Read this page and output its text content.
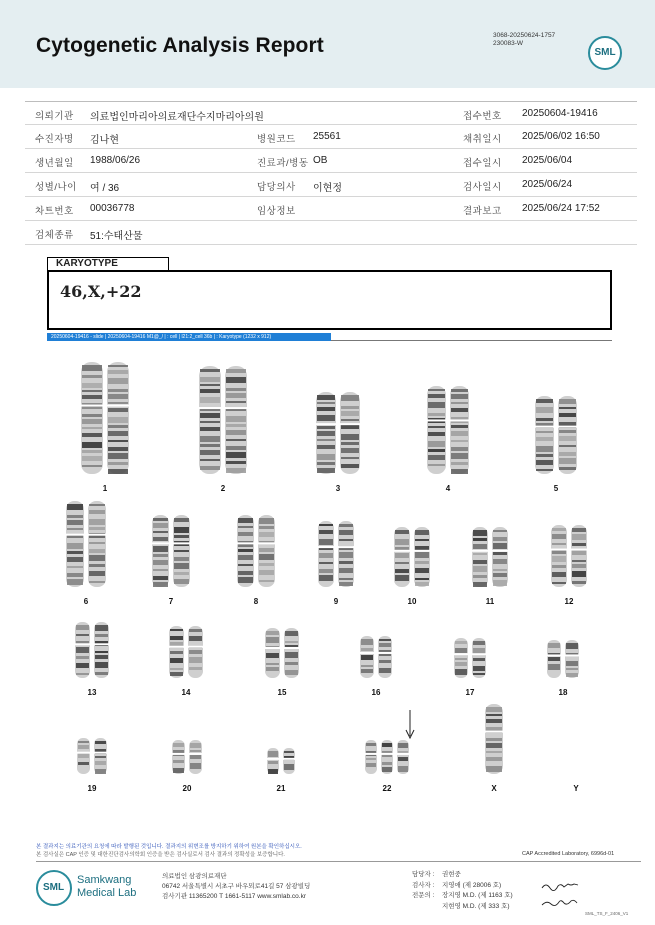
Cytogenetic Analysis Report	3068-20250624-1757
230083-W
SML
의뢰기관 의료법인마리아의료재단수지마리아의원	접수번호 20250604-19416
수진자명 김나현	병원코드 25561	채취일시 2025/06/02 16:50
생년월일 1988/06/26	진료과/병동 OB	접수일시 2025/06/04
성별/나이 여 / 36	담당의사 이현정	검사일시 2025/06/24
차트번호 00036778	임상정보	결과보고 2025/06/24 17:52
검체종류 51:수태산물
KARYOTYPE
46,X,+22
20250604-19416 - slide | 20250604-19416 M1@_/ | : cell | l21:2_cell 36b | : Karyotype (1232 x 912)
1	2	3	4	5
6	7	8	9	10	11	12
13	14	15	16	17	18
19	20	21	22	X	Y
본 결과지는 의료기관의 요청에 따라 발행된 것입니다. 결과지의 위변조를 방지하기 위하여 원본을 확인하십시오.
본 검사실은 CAP 인증 및 대한진단검사의학회 인증을 받은 검사실로서 검사 결과의 정확성을 보증합니다.	CAP Accredited Laboratory, 6996d-01
SML
Samkwang
Medical Lab
의료법인 삼광의료재단
06742 서울특별시 서초구 바우뫼로41길 57 삼광빌딩
검사기관 11365200 T 1661-5117 www.smlab.co.kr
담당자 : 권현중
검사자 : 지영애 (제 28006 호)
전문의 : 장지영 M.D. (제 1163 호)
지현영 M.D. (제 333 호)
SML_TS_F_2406_V1
